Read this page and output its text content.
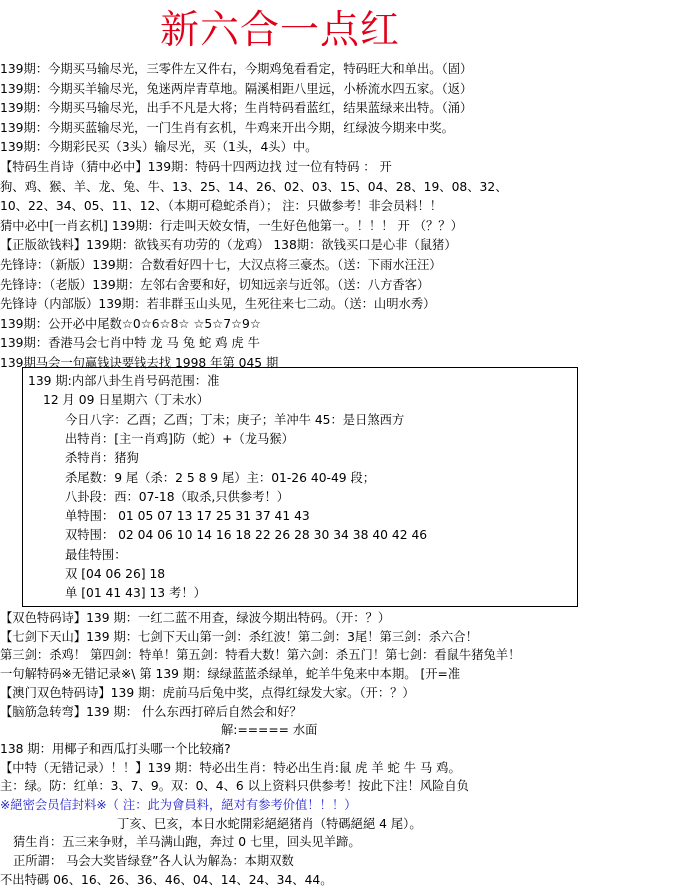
新六合一点红
139期：今期买马输尽光，三零件左又件右，今期鸡兔看看定，特码旺大和单出。（固）
139期：今期买羊输尽光，兔迷两岸青草地。隔溪相距八里远，小桥流水四五家。（返）
139期：今期买马输尽光，出手不凡是大将；生肖特码看蓝红，结果蓝绿来出特。（涌）
139期：今期买蓝输尽光，一门生肖有玄机，牛鸡来开出今期，红绿波今期来中奖。
139期：今期彩民买（3头）输尽光，买（1头，4头）中。
【特码生肖诗（猜中必中】139期：特码十四两边找 过一位有特码 ： 开
狗、鸡、猴、羊、龙、兔、牛、13、25、14、26、02、03、15、04、28、19、08、32、
10、22、34、05、11、12、（本期可稳蛇杀肖）； 注：只做参考！非会员料！！
猜中必中[一肖玄机] 139期：行走叫天姣女情，一生好色他第一。！！！ 开 （？？）
【正版欲钱料】139期：欲钱买有功劳的（龙鸡） 138期：欲钱买口是心非（鼠猪）
先锋诗：（新版）139期：合数看好四十七，大汉点将三豪杰。（送：下雨水汪汪）
先锋诗：（老版）139期：左邻右舍要和好，切知远亲与近邻。（送：八方香客）
先锋诗（内部版）139期：若非群玉山头见，生死往来七二动。（送：山明水秀）
139期：公开必中尾数☆0☆6☆8☆ ☆5☆7☆9☆
139期：香港马会七肖中特 龙 马 兔 蛇 鸡 虎 牛
139期马会一句赢钱诀要钱去找 1998 年第 045 期
139 期:内部八卦生肖号码范围：准
12 月 09 日星期六（丁未水）
今日八字：乙酉；乙酉；丁未；庚子；羊冲牛 45：是日煞西方
出特肖：[主一肖鸡]防（蛇）+（龙马猴）
杀特肖：猪狗
杀尾数：9 尾（杀：2 5 8 9 尾）主：01-26 40-49 段；
八卦段：西：07-18（取杀,只供参考！）
单特围： 01 05 07 13 17 25 31 37 41 43
双特围： 02 04 06 10 14 16 18 22 26 28 30 34 38 40 42 46
最佳特围：
双 [04 06 26] 18
单 [01 41 43] 13 考！）
【双色特码诗】139 期：一红二蓝不用查，绿波今期出特码。（开：？）
【七剑下天山】139 期：七剑下天山第一剑：杀红波！第二剑：3尾！第三剑：杀六合！
第三剑：杀鸡！ 第四剑：特单！第五剑：特看大数！第六剑：杀五门！第七剑：看鼠牛猪兔羊！
一句解特码※无错记录※\ 第 139 期：绿绿蓝蓝杀绿单，蛇羊牛兔来中本期。 [开=准
【澳门双色特码诗】139 期：虎前马后兔中奖，点得红绿发大家。（开：？）
【脑筋急转弯】139 期： 什么东西打碎后自然会和好？
解:===== 水面
138 期：用椰子和西瓜打头哪一个比较痛?
【中特（无错记录）！！】139 期：特必出生肖：特必出生肖:鼠 虎 羊 蛇 牛 马 鸡。
主：绿。防：红单：3、7、9。双：0、4、6 以上资料只供参考！按此下注！风险自负
※絕密会员信封料※（ 注：此为會員料，絕对有参考价值！！！）
丁亥、巳亥，本日水蛇開彩絕絕猪肖（特碼絕絕 4 尾）。
猜生肖：五三来争财，羊马满山跑，奔过 0 七里，回头见羊蹄。
正所謂： 马会大奖皆绿登”各人认为解為：本期双数
不出特碼 06、16、26、36、46、04、14、24、34、44。
